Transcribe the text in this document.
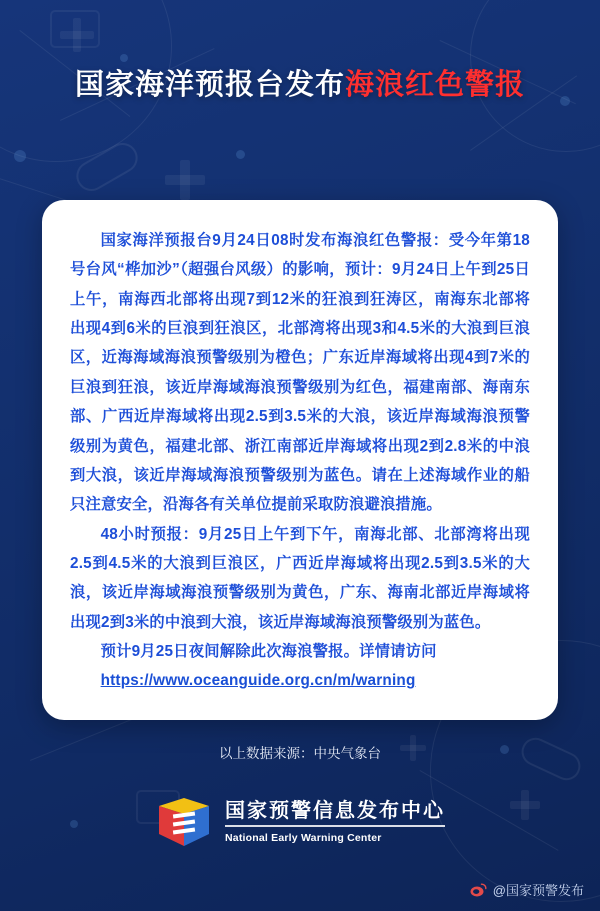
国家海洋预报台发布海浪红色警报

国家海洋预报台9月24日08时发布海浪红色警报：受今年第18号台风“桦加沙”（超强台风级）的影响，预计：9月24日上午到25日上午，南海西北部将出现7到12米的狂浪到狂涛区，南海东北部将出现4到6米的巨浪到狂浪区，北部湾将出现3和4.5米的大浪到巨浪区，近海海域海浪预警级别为橙色；广东近岸海域将出现4到7米的巨浪到狂浪，该近岸海域海浪预警级别为红色，福建南部、海南东部、广西近岸海域将出现2.5到3.5米的大浪，该近岸海域海浪预警级别为黄色，福建北部、浙江南部近岸海域将出现2到2.8米的中浪到大浪，该近岸海域海浪预警级别为蓝色。请在上述海域作业的船只注意安全，沿海各有关单位提前采取防浪避浪措施。

48小时预报：9月25日上午到下午，南海北部、北部湾将出现2.5到4.5米的大浪到巨浪区，广西近岸海域将出现2.5到3.5米的大浪，该近岸海域海浪预警级别为黄色，广东、海南北部近岸海域将出现2到3米的中浪到大浪，该近岸海域海浪预警级别为蓝色。

预计9月25日夜间解除此次海浪警报。详情请访问

https://www.oceanguide.org.cn/m/warning

以上数据来源：中央气象台
国家预警信息发布中心
National Early Warning Center
@国家预警发布
